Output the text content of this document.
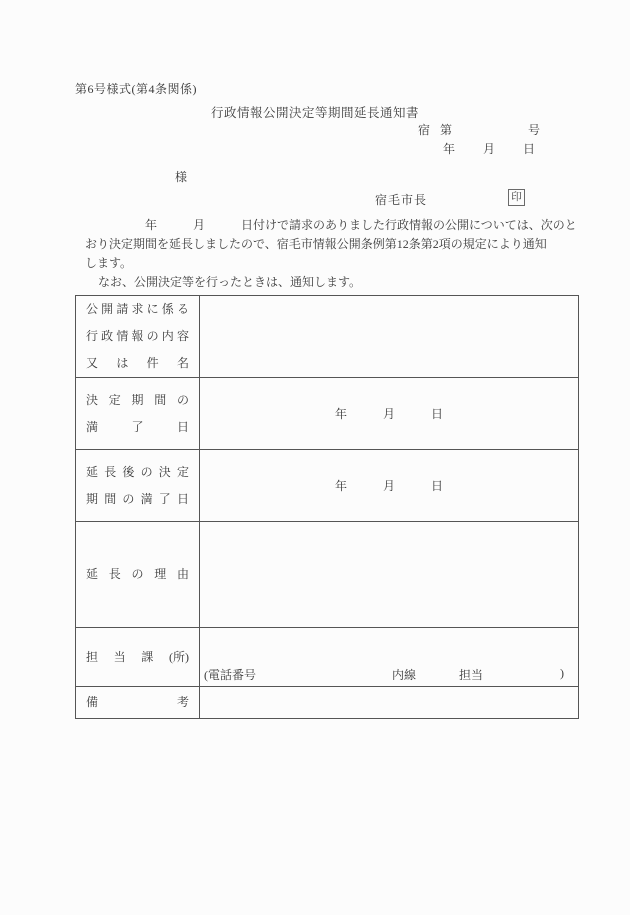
第6号様式(第4条関係)
行政情報公開決定等期間延長通知書
宿 第	号
年 月 日
様
宿毛市長	印
年　　　月　　　日付けで請求のありました行政情報の公開については、次のと
おり決定期間を延長しましたので、宿毛市情報公開条例第12条第2項の規定により通知
します。
なお、公開決定等を行ったときは、通知します。
公 開 請 求 に 係 る
行 政 情 報 の 内 容
又 は 件 名

決 定 期 間 の
満	了	日
	年　　　月　　　日

延 長 後 の 決 定
期 間 の 満 了 日
	年　　　月　　　日

延 長 の 理 由	

担 当 課 (所)	(電話番号 内線 担当 )

備 考	
